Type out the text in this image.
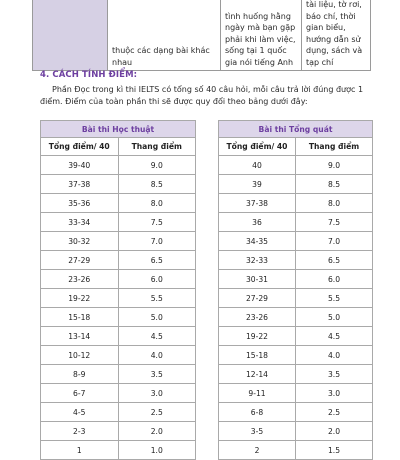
	thuộc các dạng bài khác nhau	tình huống hằng ngày mà bạn gặp phải khi làm việc, sống tại 1 quốc gia nói tiếng Anh	tài liệu, tờ rơi, báo chí, thời gian biểu, hướng dẫn sử dụng, sách và tạp chí
4. CÁCH TÍNH ĐIỂM:

Phần Đọc trong kì thi IELTS có tổng số 40 câu hỏi, mỗi câu trả lời đúng được 1 điểm. Điểm của toàn phần thi sẽ được quy đổi theo bảng dưới đây:

Bài thi Học thuật	
Tổng điểm/ 40	Thang điểm
39-40	9.0
37-38	8.5
35-36	8.0
33-34	7.5
30-32	7.0
27-29	6.5
23-26	6.0
19-22	5.5
15-18	5.0
13-14	4.5
10-12	4.0
8-9	3.5
6-7	3.0
4-5	2.5
2-3	2.0
1	1.0
Bài thi Tổng quát	
Tổng điểm/ 40	Thang điểm
40	9.0
39	8.5
37-38	8.0
36	7.5
34-35	7.0
32-33	6.5
30-31	6.0
27-29	5.5
23-26	5.0
19-22	4.5
15-18	4.0
12-14	3.5
9-11	3.0
6-8	2.5
3-5	2.0
2	1.5
